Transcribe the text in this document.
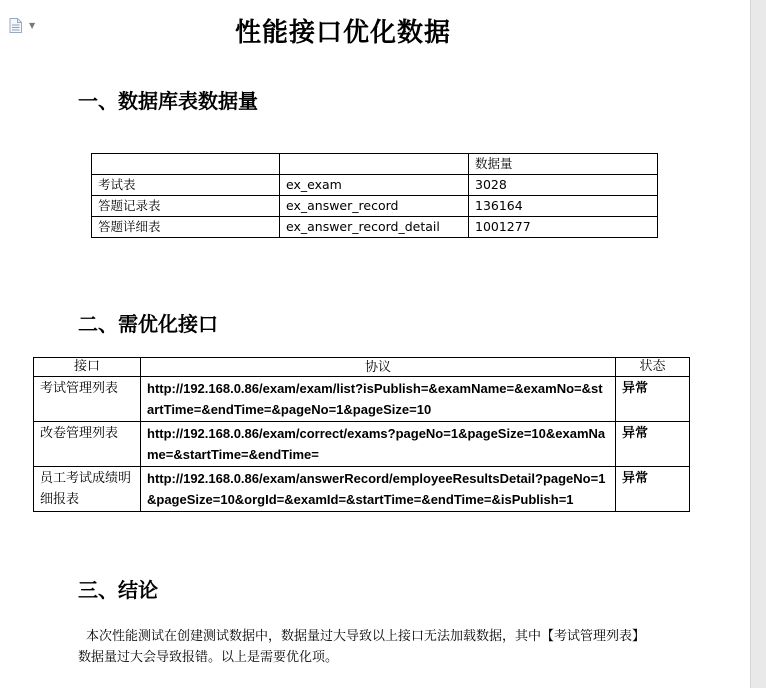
▼	性能接口优化数据
一、数据库表数据量
		数据量
考试表	ex_exam	3028
答题记录表	ex_answer_record	136164
答题详细表	ex_answer_record_detail	1001277
二、需优化接口
接口	协议	状态
考试管理列表	http://192.168.0.86/exam/exam/list?isPublish=&examName=&examNo=&startTime=&endTime=&pageNo=1&pageSize=10	异常
改卷管理列表	http://192.168.0.86/exam/correct/exams?pageNo=1&pageSize=10&examName=&startTime=&endTime=	异常
员工考试成绩明细报表	http://192.168.0.86/exam/answerRecord/employeeResultsDetail?pageNo=1&pageSize=10&orgId=&examId=&startTime=&endTime=&isPublish=1	异常
三、结论
本次性能测试在创建测试数据中，数据量过大导致以上接口无法加载数据，其中【考试管理列表】数据量过大会导致报错。以上是需要优化项。
